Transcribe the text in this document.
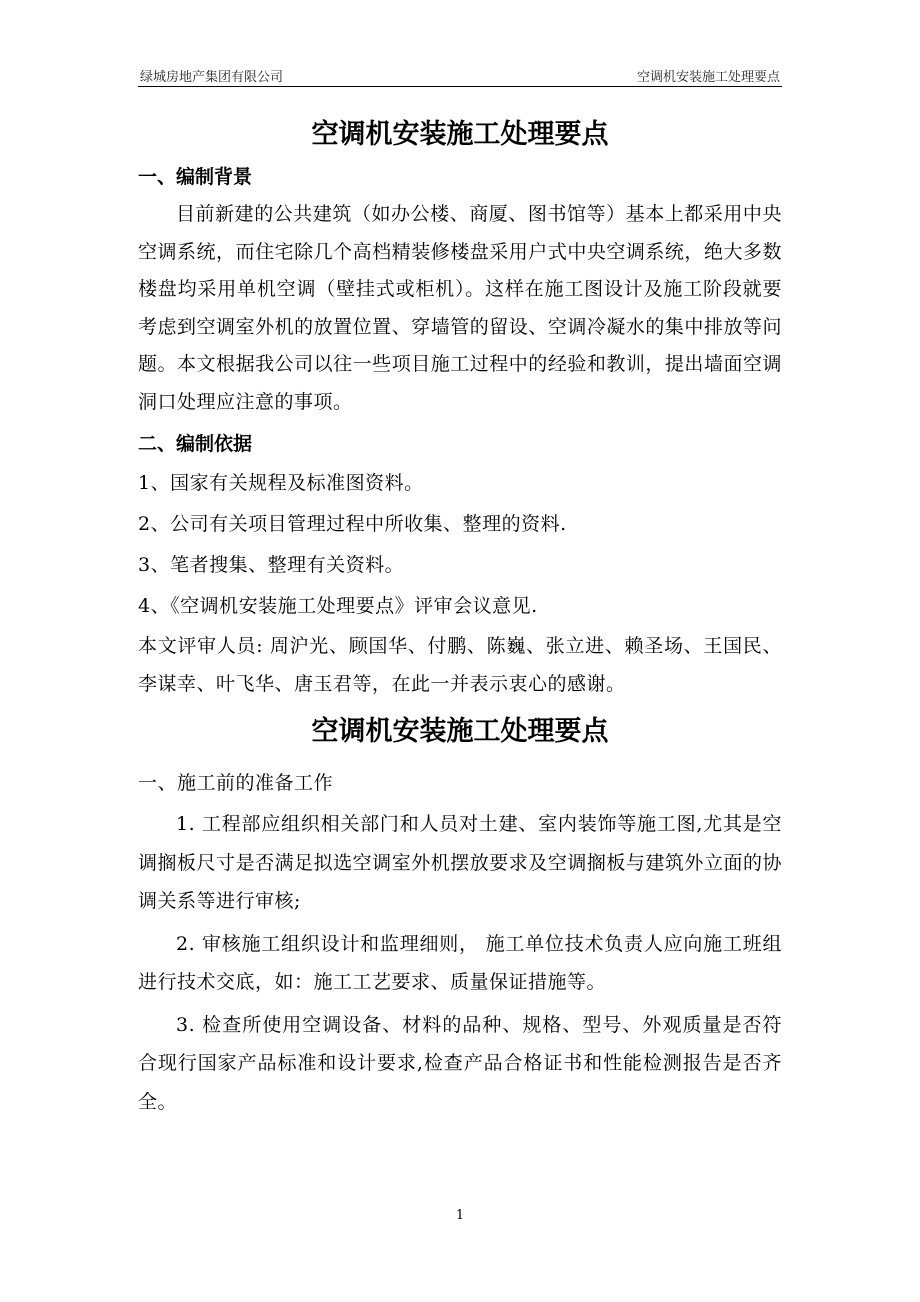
绿城房地产集团有限公司	空调机安装施工处理要点
空调机安装施工处理要点

一、编制背景

目前新建的公共建筑（如办公楼、商厦、图书馆等）基本上都采用中央空调系统，而住宅除几个高档精装修楼盘采用户式中央空调系统，绝大多数楼盘均采用单机空调（壁挂式或柜机）。这样在施工图设计及施工阶段就要考虑到空调室外机的放置位置、穿墙管的留设、空调冷凝水的集中排放等问题。本文根据我公司以往一些项目施工过程中的经验和教训，提出墙面空调洞口处理应注意的事项。

二、编制依据

1、国家有关规程及标准图资料。

2、公司有关项目管理过程中所收集、整理的资料.

3、笔者搜集、整理有关资料。

4、《空调机安装施工处理要点》评审会议意见.

本文评审人员: 周沪光、顾国华、付鹏、陈巍、张立进、赖圣场、王国民、李谋幸、叶飞华、唐玉君等，在此一并表示衷心的感谢。

空调机安装施工处理要点

一、施工前的准备工作

1. 工程部应组织相关部门和人员对土建、室内装饰等施工图,尤其是空调搁板尺寸是否满足拟选空调室外机摆放要求及空调搁板与建筑外立面的协调关系等进行审核;

2. 审核施工组织设计和监理细则， 施工单位技术负责人应向施工班组进行技术交底，如：施工工艺要求、质量保证措施等。

3. 检查所使用空调设备、材料的品种、规格、型号、外观质量是否符合现行国家产品标准和设计要求,检查产品合格证书和性能检测报告是否齐全。

1
